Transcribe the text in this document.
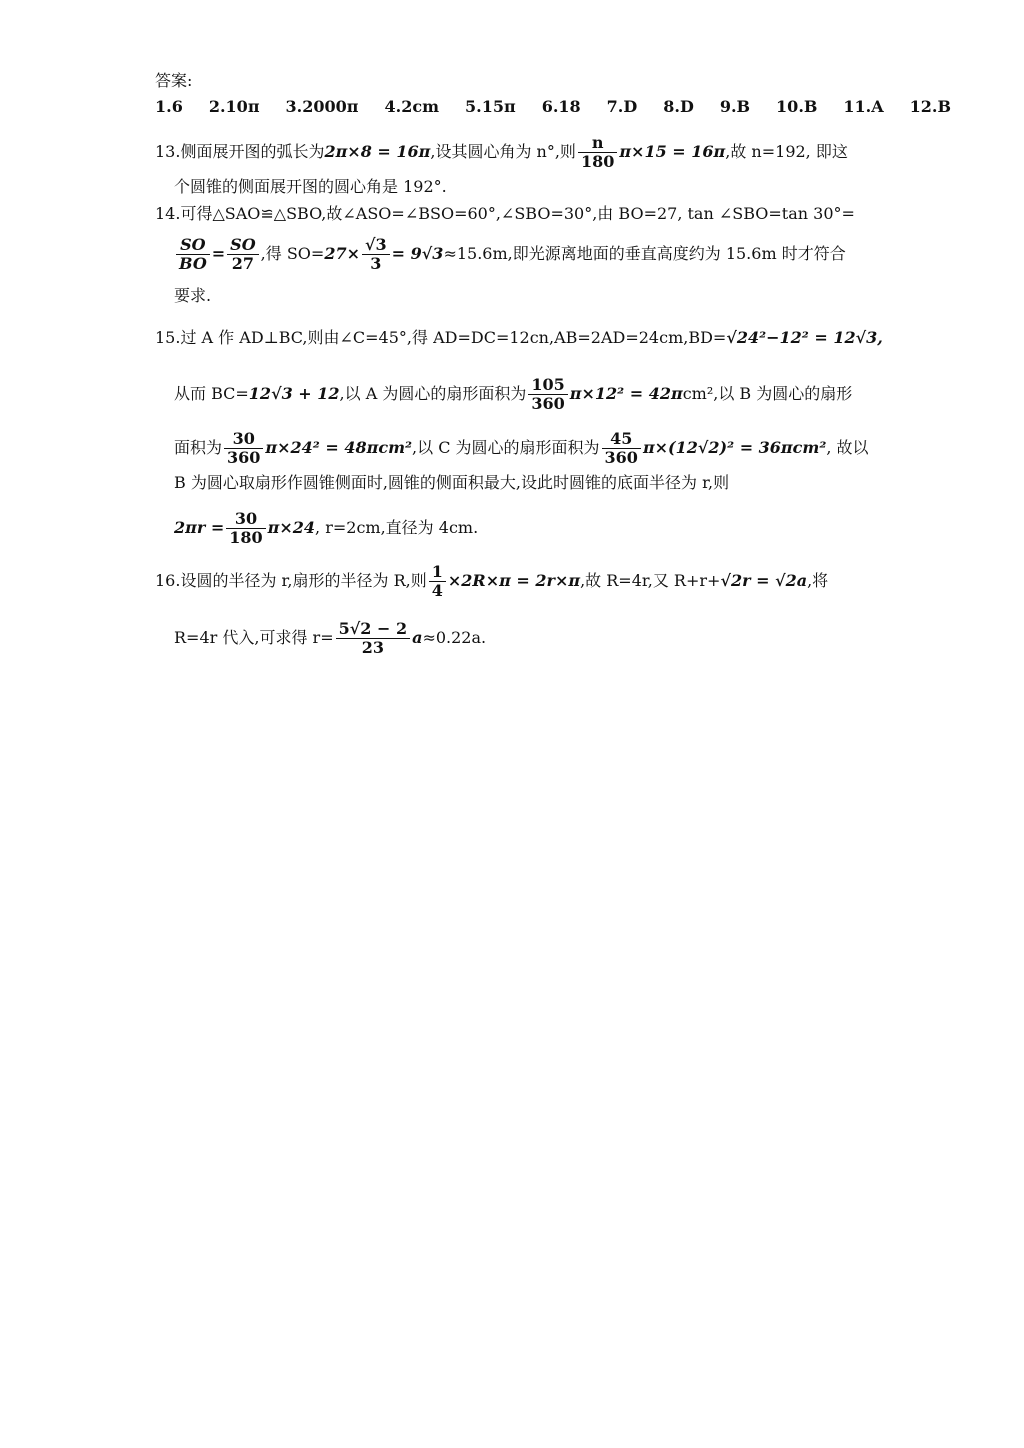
答案:
1.6 2.10π 3.2000π 4.2cm 5.15π 6.18 7.D 8.D 9.B 10.B 11.A 12.B
13.侧面展开图的弧长为2π×8 = 16π,设其圆心角为 n°,则 $\frac{n}{180} \pi\times 15 = 16\pi$,故 n=192, 即这
个圆锥的侧面展开图的圆心角是 192°.
14.可得△SAO≌△SBO,故∠ASO=∠BSO=60°,∠SBO=30°,由 BO=27, tan ∠SBO=tan 30°=
$\frac{SO}{BO} = \frac{SO}{27}$ ,得 $SO=27\times \frac{√3}{3} = 9√3\approx 15.6m$,即光源离地面的垂直高度约为 15.6m 时才符合
要求.
15.过 A 作 AD⊥BC,则由∠C=45°,得 AD=DC=12cn,AB=2AD=24cm,BD=√24²−12² = 12√3,
从而 BC=12√3 + 12,以 A 为圆心的扇形面积为 $\frac{105}{360} \pi\times 12^2 = 42\pi cm^2$,以 B 为圆心的扇形
面积为 $\frac{30}{360} \pi\times 24^2 = 48\pi cm^2$,以 C 为圆心的扇形面积为 $\frac{45}{360} \pi\times(12√2)^2 = 36\pi cm^2$, 故以
B 为圆心取扇形作圆锥侧面时,圆锥的侧面积最大,设此时圆锥的底面半径为 r,则
$2\pi r = \frac{30}{180} \pi\times 24$, r=2cm,直径为 4cm.
16.设圆的半径为 r,扇形的半径为 R,则 $\frac{1}{4} \times 2R\times\pi = 2r\times\pi$,故 R=4r,又 R+r+√2r = √2a,将
R=4r 代入,可求得 $r= \frac{5√2 - 2}{23} a\approx 0.22a$.
